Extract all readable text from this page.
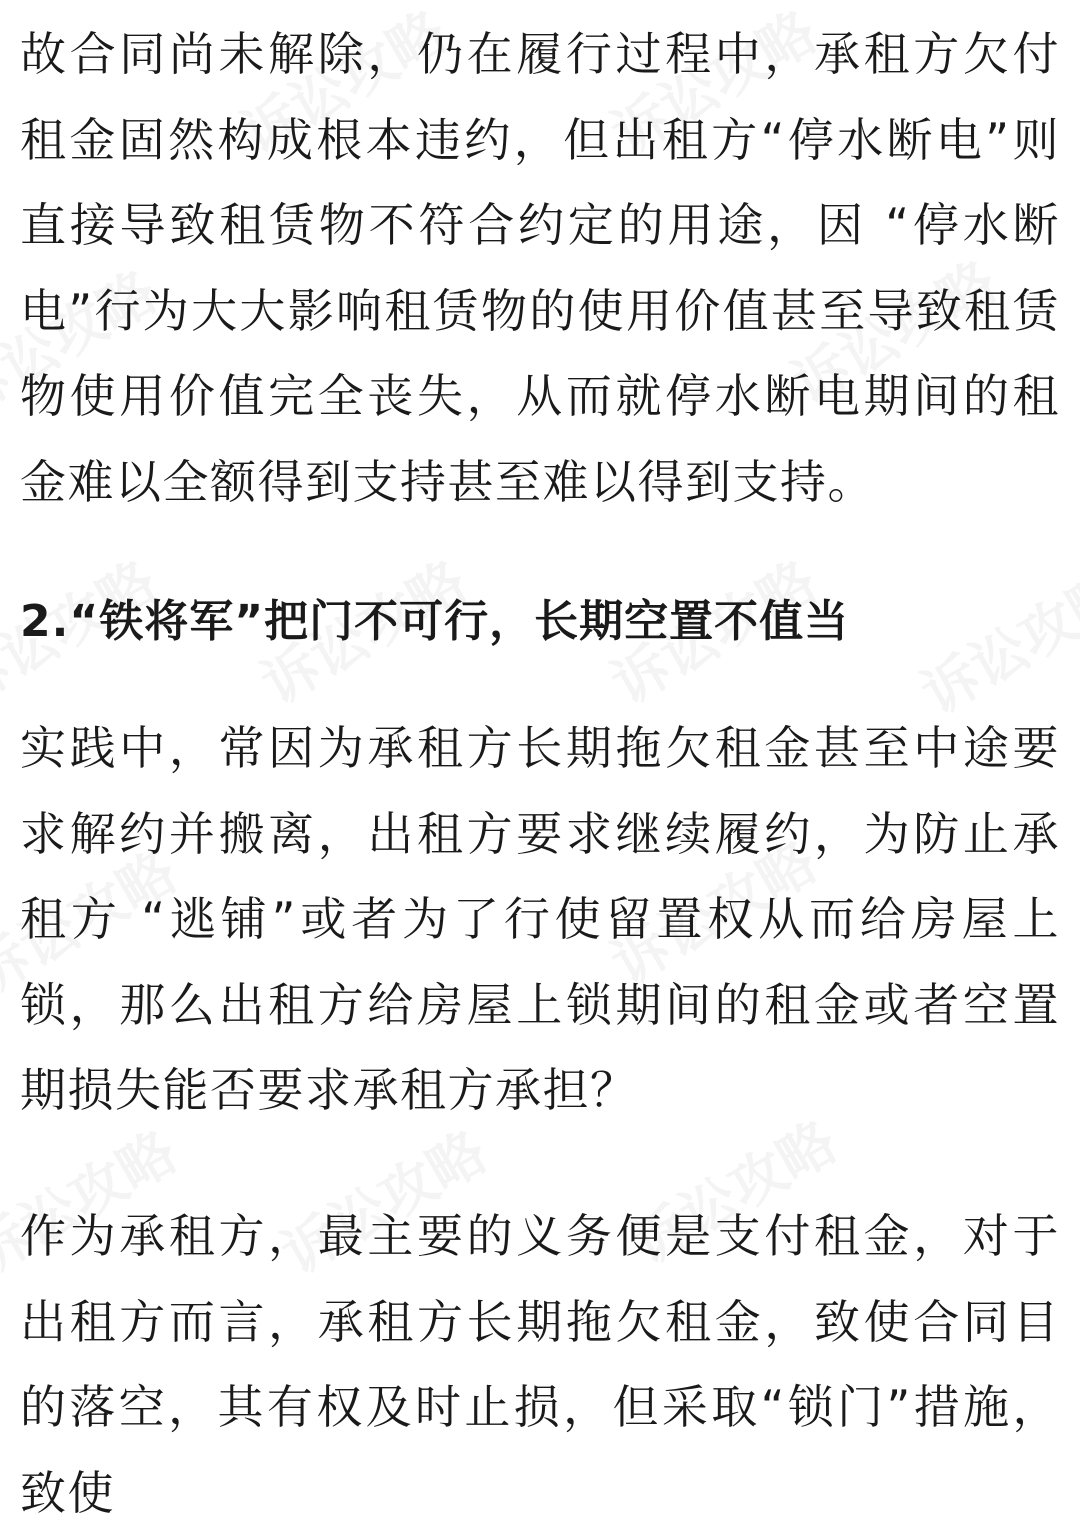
故合同尚未解除，仍在履行过程中，承租方欠付租金固然构成根本违约，但出租方“停水断电”则直接导致租赁物不符合约定的用途，因 “停水断电”行为大大影响租赁物的使用价值甚至导致租赁物使用价值完全丧失，从而就停水断电期间的租金难以全额得到支持甚至难以得到支持。

2.“铁将军”把门不可行，长期空置不值当

实践中，常因为承租方长期拖欠租金甚至中途要求解约并搬离，出租方要求继续履约，为防止承租方 “逃铺”或者为了行使留置权从而给房屋上锁，那么出租方给房屋上锁期间的租金或者空置期损失能否要求承租方承担？

作为承租方，最主要的义务便是支付租金，对于出租方而言，承租方长期拖欠租金，致使合同目的落空，其有权及时止损，但采取“锁门”措施，致使
